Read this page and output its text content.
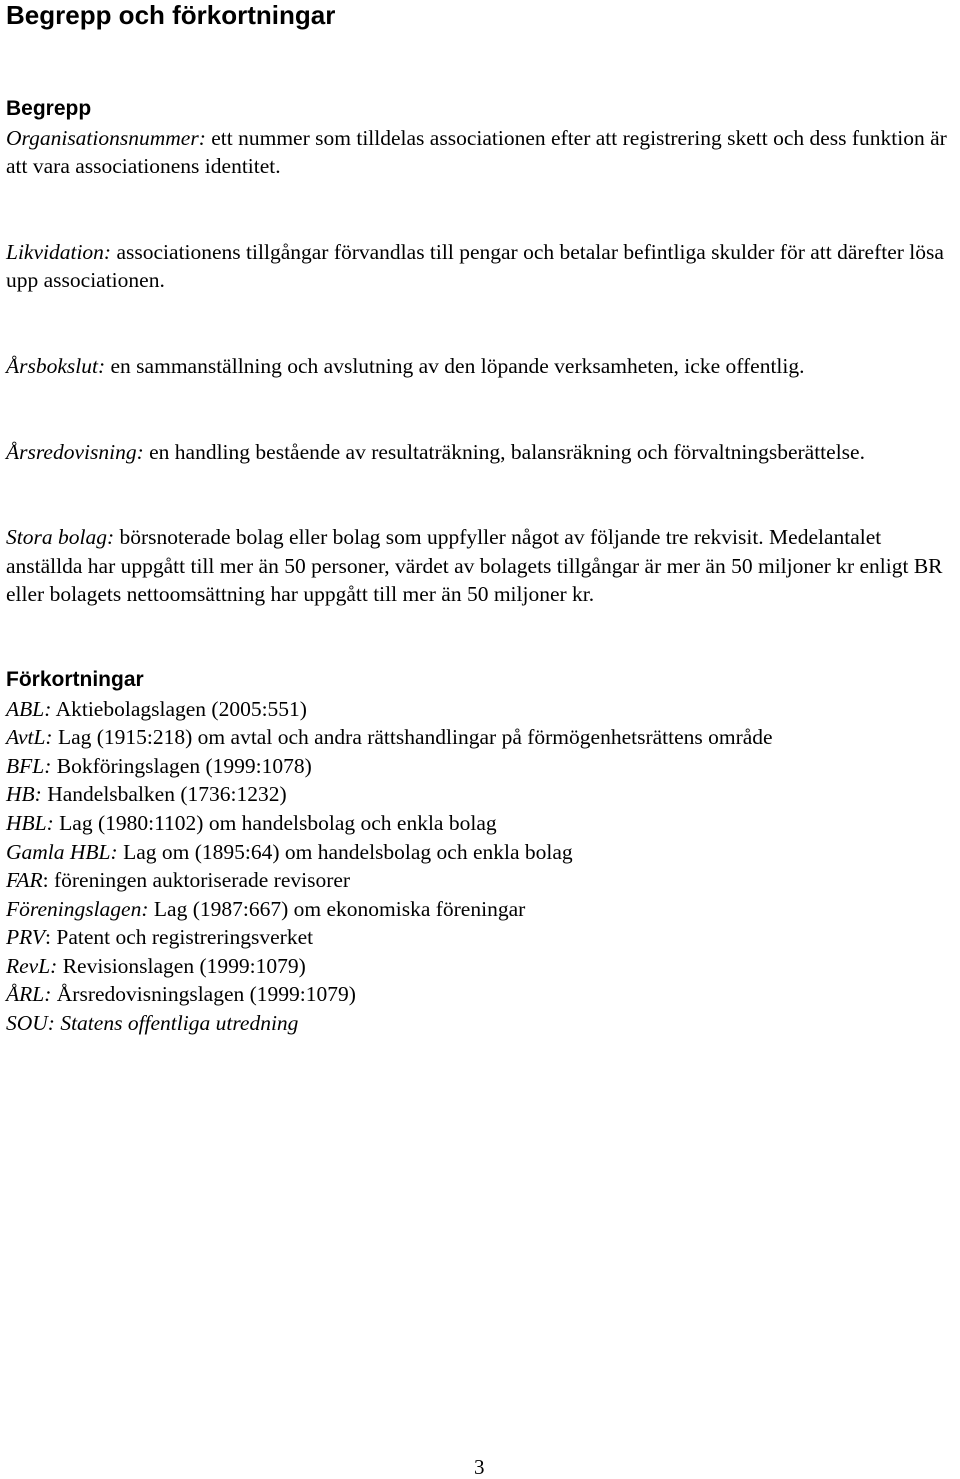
Begrepp och förkortningar

Begrepp

Organisationsnummer: ett nummer som tilldelas associationen efter att registrering skett och dess funktion är att vara associationens identitet.

Likvidation: associationens tillgångar förvandlas till pengar och betalar befintliga skulder för att därefter lösa upp associationen.

Årsbokslut: en sammanställning och avslutning av den löpande verksamheten, icke offentlig.

Årsredovisning: en handling bestående av resultaträkning, balansräkning och förvaltningsberättelse.

Stora bolag: börsnoterade bolag eller bolag som uppfyller något av följande tre rekvisit. Medelantalet anställda har uppgått till mer än 50 personer, värdet av bolagets tillgångar är mer än 50 miljoner kr enligt BR eller bolagets nettoomsättning har uppgått till mer än 50 miljoner kr.

Förkortningar

ABL: Aktiebolagslagen (2005:551)

AvtL: Lag (1915:218) om avtal och andra rättshandlingar på förmögenhetsrättens område

BFL: Bokföringslagen (1999:1078)

HB: Handelsbalken (1736:1232)

HBL: Lag (1980:1102) om handelsbolag och enkla bolag

Gamla HBL: Lag om (1895:64) om handelsbolag och enkla bolag

FAR: föreningen auktoriserade revisorer

Föreningslagen: Lag (1987:667) om ekonomiska föreningar

PRV: Patent och registreringsverket

RevL: Revisionslagen (1999:1079)

ÅRL: Årsredovisningslagen (1999:1079)

SOU: Statens offentliga utredning

3
